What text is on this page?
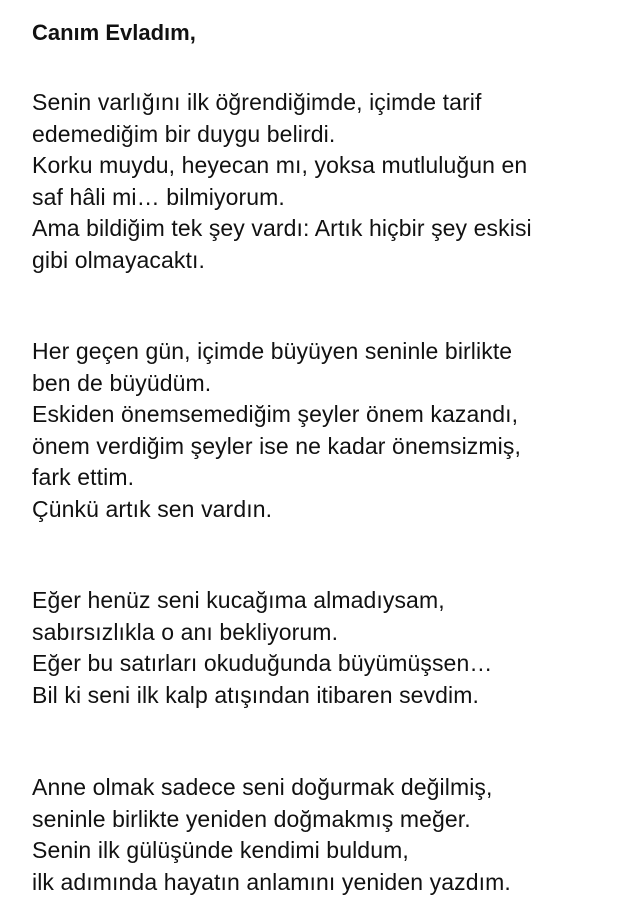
Canım Evladım,
Senin varlığını ilk öğrendiğimde, içimde tarif
edemediğim bir duygu belirdi.
Korku muydu, heyecan mı, yoksa mutluluğun en
saf hâli mi… bilmiyorum.
Ama bildiğim tek şey vardı: Artık hiçbir şey eskisi
gibi olmayacaktı.
Her geçen gün, içimde büyüyen seninle birlikte
ben de büyüdüm.
Eskiden önemsemediğim şeyler önem kazandı,
önem verdiğim şeyler ise ne kadar önemsizmiş,
fark ettim.
Çünkü artık sen vardın.
Eğer henüz seni kucağıma almadıysam,
sabırsızlıkla o anı bekliyorum.
Eğer bu satırları okuduğunda büyümüşsen…
Bil ki seni ilk kalp atışından itibaren sevdim.
Anne olmak sadece seni doğurmak değilmiş,
seninle birlikte yeniden doğmakmış meğer.
Senin ilk gülüşünde kendimi buldum,
ilk adımında hayatın anlamını yeniden yazdım.
